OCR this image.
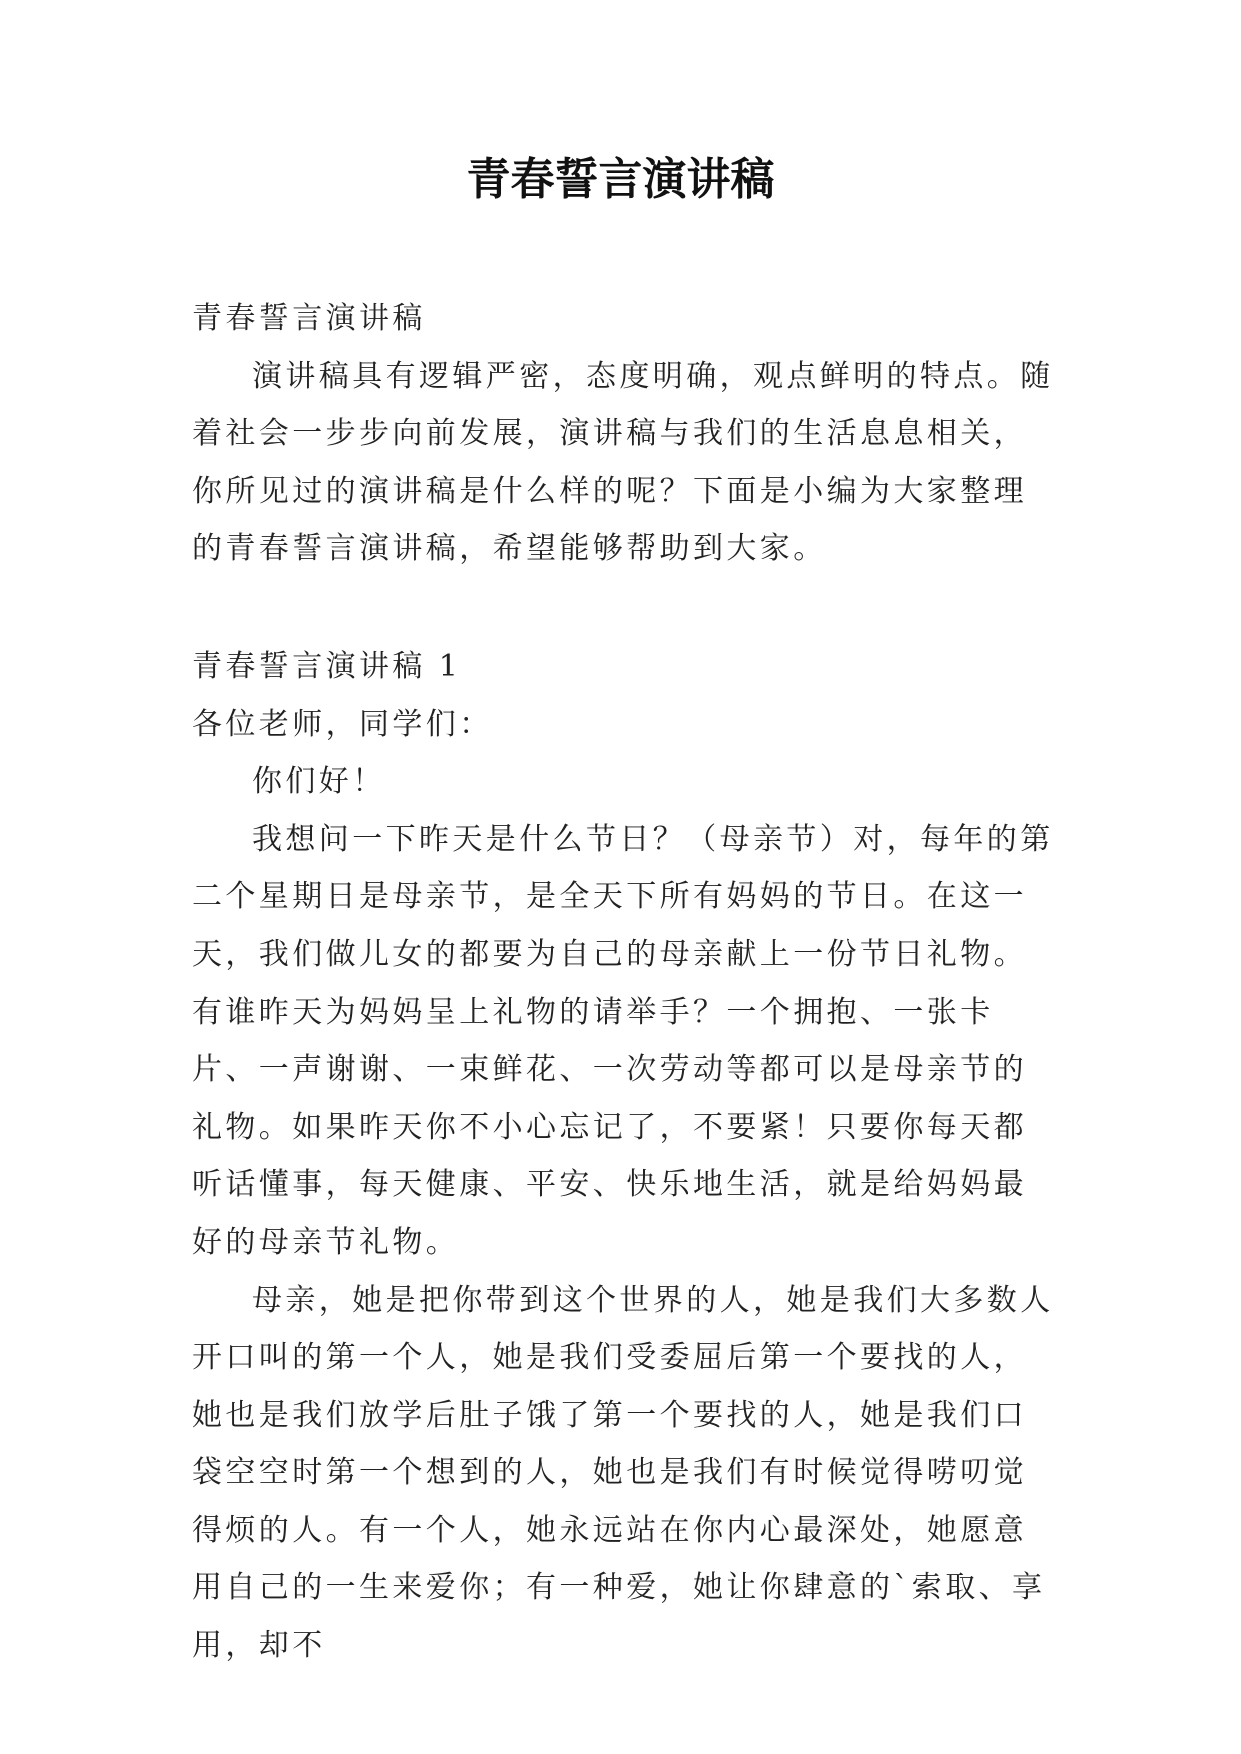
青春誓言演讲稿

青春誓言演讲稿

演讲稿具有逻辑严密，态度明确，观点鲜明的特点。随着社会一步步向前发展，演讲稿与我们的生活息息相关，你所见过的演讲稿是什么样的呢？下面是小编为大家整理的青春誓言演讲稿，希望能够帮助到大家。

青春誓言演讲稿 1

各位老师，同学们：

你们好！

我想问一下昨天是什么节日？（母亲节）对，每年的第二个星期日是母亲节，是全天下所有妈妈的节日。在这一天，我们做儿女的都要为自己的母亲献上一份节日礼物。有谁昨天为妈妈呈上礼物的请举手？一个拥抱、一张卡片、一声谢谢、一束鲜花、一次劳动等都可以是母亲节的礼物。如果昨天你不小心忘记了，不要紧！只要你每天都听话懂事，每天健康、平安、快乐地生活，就是给妈妈最好的母亲节礼物。

母亲，她是把你带到这个世界的人，她是我们大多数人开口叫的第一个人，她是我们受委屈后第一个要找的人，她也是我们放学后肚子饿了第一个要找的人，她是我们口袋空空时第一个想到的人，她也是我们有时候觉得唠叨觉得烦的人。有一个人，她永远站在你内心最深处，她愿意用自己的一生来爱你；有一种爱，她让你肆意的`索取、享用，却不
